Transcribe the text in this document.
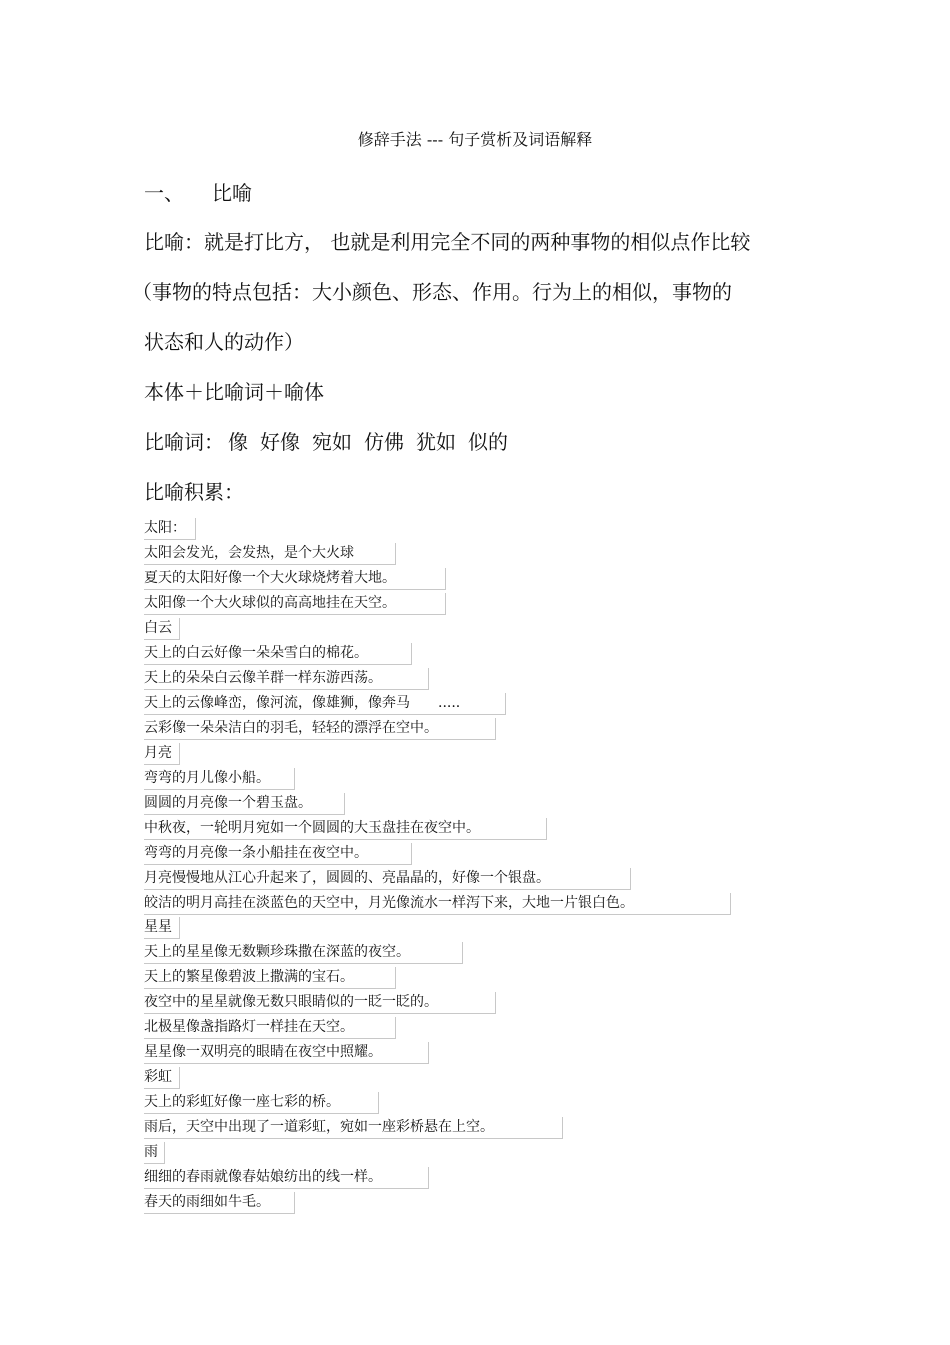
修辞手法 --- 句子赏析及词语解释
一、 比喻
比喻：就是打比方， 也就是利用完全不同的两种事物的相似点作比较
（事物的特点包括：大小颜色、形态、作用。行为上的相似，事物的
状态和人的动作）
本体＋比喻词＋喻体
比喻词： 像 好像 宛如 仿佛 犹如 似的
比喻积累：
太阳：
太阳会发光，会发热，是个大火球
夏天的太阳好像一个大火球烧烤着大地。
太阳像一个大火球似的高高地挂在天空。
白云
天上的白云好像一朵朵雪白的棉花。
天上的朵朵白云像羊群一样东游西荡。
天上的云像峰峦，像河流，像雄狮，像奔马　　.....
云彩像一朵朵洁白的羽毛，轻轻的漂浮在空中。
月亮
弯弯的月儿像小船。
圆圆的月亮像一个碧玉盘。
中秋夜，一轮明月宛如一个圆圆的大玉盘挂在夜空中。
弯弯的月亮像一条小船挂在夜空中。
月亮慢慢地从江心升起来了，圆圆的、亮晶晶的，好像一个银盘。
皎洁的明月高挂在淡蓝色的天空中，月光像流水一样泻下来，大地一片银白色。
星星
天上的星星像无数颗珍珠撒在深蓝的夜空。
天上的繁星像碧波上撒满的宝石。
夜空中的星星就像无数只眼睛似的一眨一眨的。
北极星像盏指路灯一样挂在天空。
星星像一双明亮的眼睛在夜空中照耀。
彩虹
天上的彩虹好像一座七彩的桥。
雨后，天空中出现了一道彩虹，宛如一座彩桥悬在上空。
雨
细细的春雨就像春姑娘纺出的线一样。
春天的雨细如牛毛。
